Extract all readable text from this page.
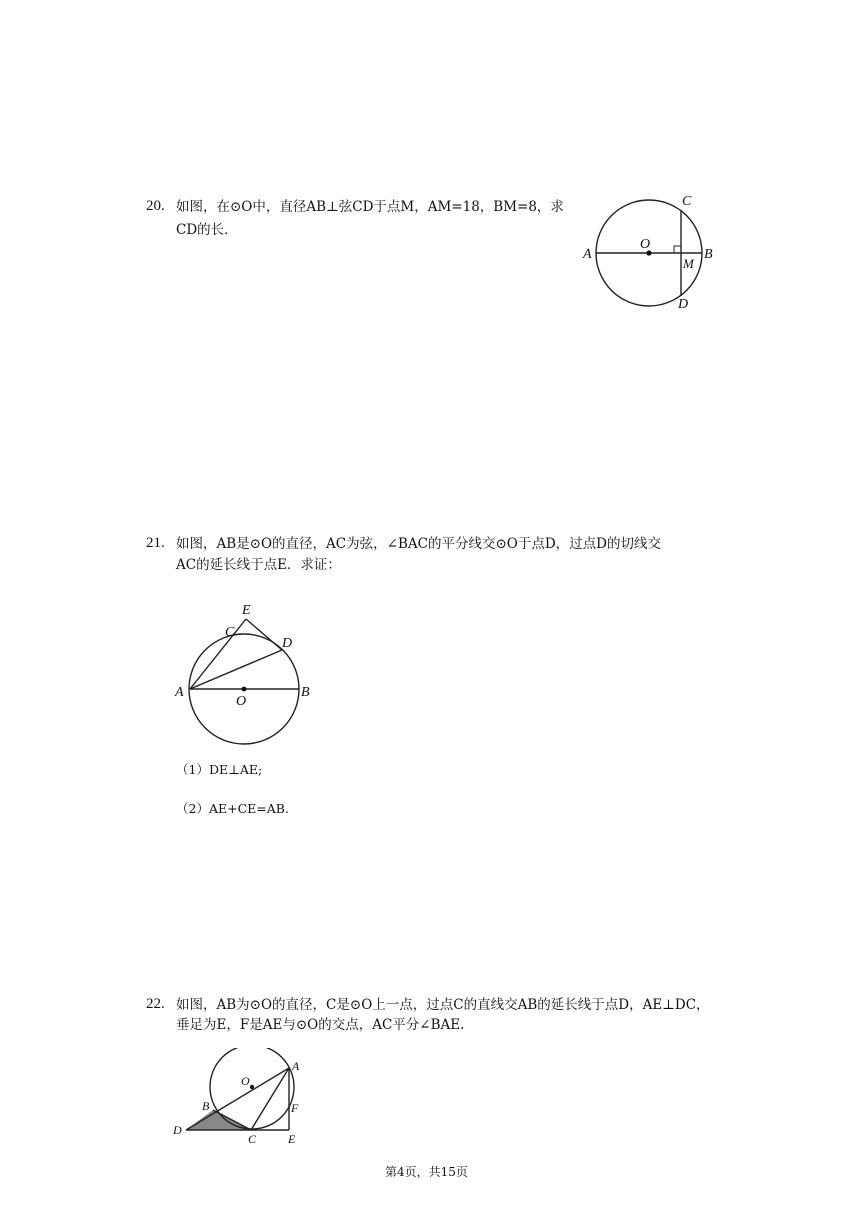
20. 如图，在⊙O中，直径AB⊥弦CD于点M，AM=18，BM=8，求
CD的长．
A
O
B
C
D
M
21. 如图，AB是⊙O的直径，AC为弦，∠BAC的平分线交⊙O于点D，过点D的切线交
AC的延长线于点E．求证：
A
O
B
C
D
E
（1）DE⊥AE;
（2）AE+CE=AB.
22. 如图，AB为⊙O的直径，C是⊙O上一点，过点C的直线交AB的延长线于点D，AE⊥DC，
垂足为E，F是AE与⊙O的交点，AC平分∠BAE.
O
A
B
C
D
E
F
第4页，共15页
